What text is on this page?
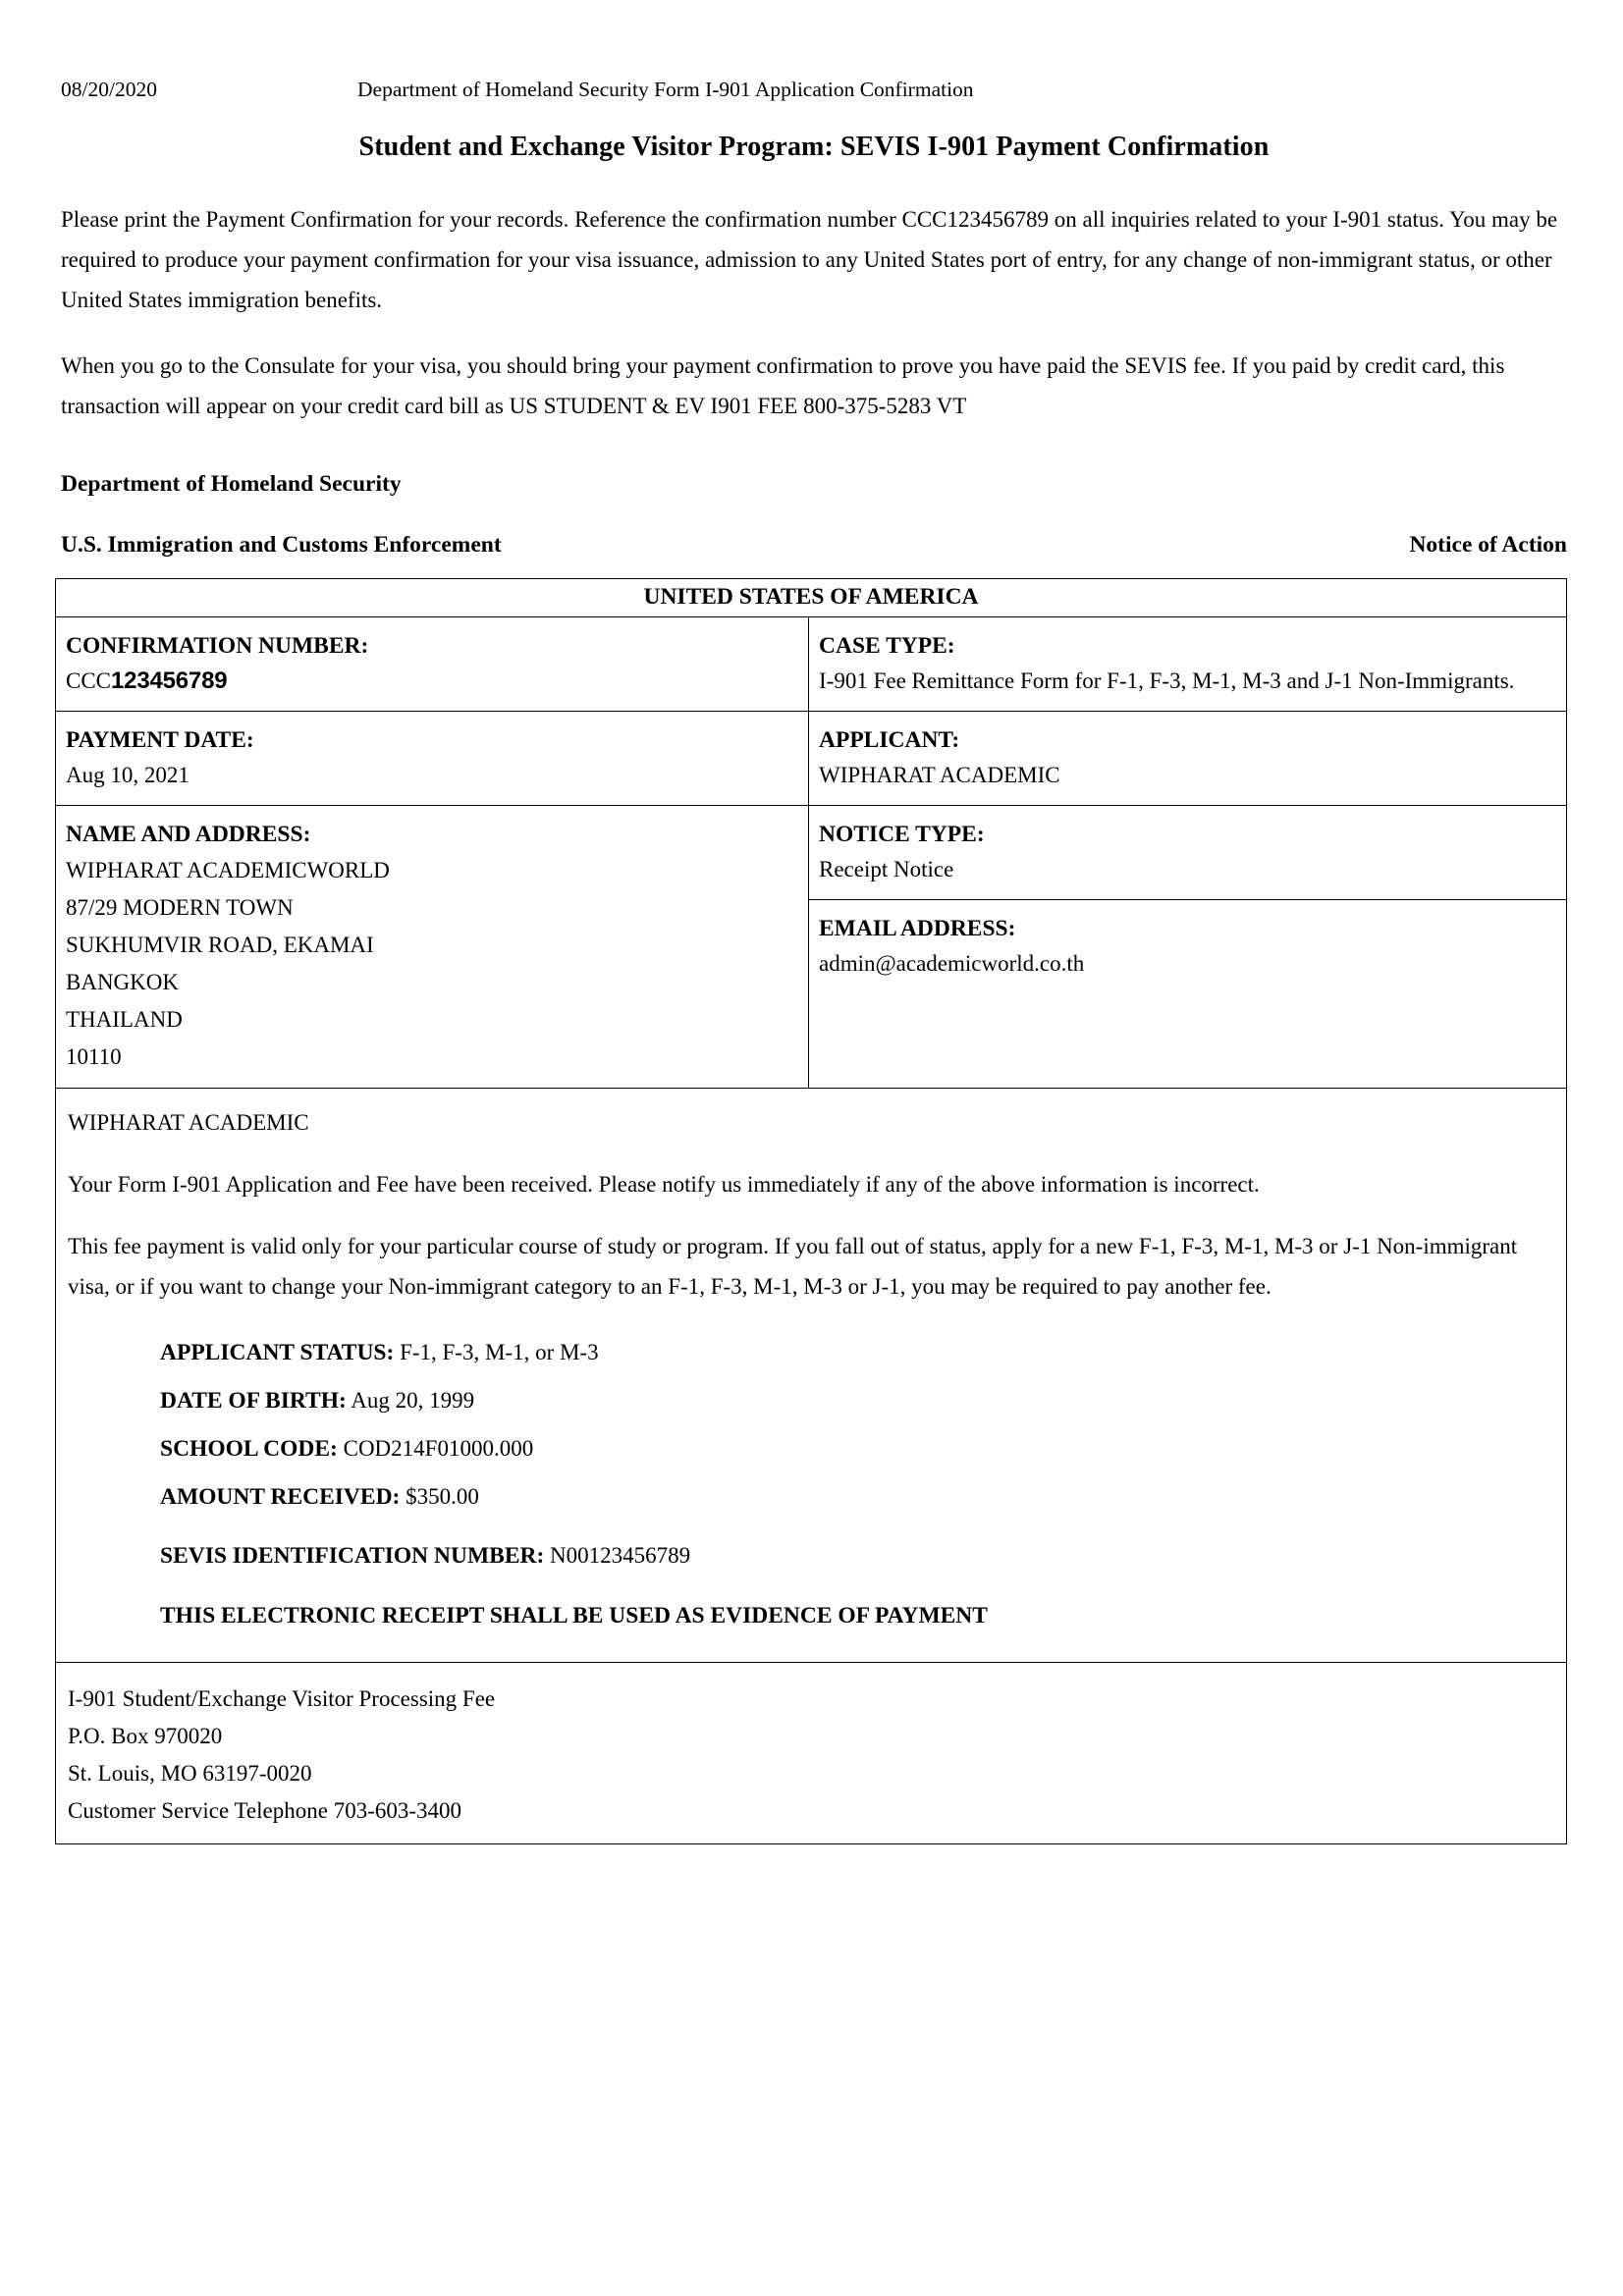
08/20/2020	Department of Homeland Security Form I-901 Application Confirmation
Student and Exchange Visitor Program: SEVIS I-901 Payment Confirmation
Please print the Payment Confirmation for your records. Reference the confirmation number CCC123456789 on all inquiries related to your I-901 status. You may be required to produce your payment confirmation for your visa issuance, admission to any United States port of entry, for any change of non-immigrant status, or other United States immigration benefits.
When you go to the Consulate for your visa, you should bring your payment confirmation to prove you have paid the SEVIS fee. If you paid by credit card, this transaction will appear on your credit card bill as US STUDENT & EV I901 FEE 800-375-5283 VT
Department of Homeland Security
U.S. Immigration and Customs Enforcement	Notice of Action
UNITED STATES OF AMERICA
CONFIRMATION NUMBER:
CCC123456789
CASE TYPE:
I-901 Fee Remittance Form for F-1, F-3, M-1, M-3 and J-1 Non-Immigrants.
PAYMENT DATE:
Aug 10, 2021
APPLICANT:
WIPHARAT ACADEMIC
NAME AND ADDRESS:
WIPHARAT ACADEMICWORLD
87/29 MODERN TOWN
SUKHUMVIR ROAD, EKAMAI
BANGKOK
THAILAND
10110
NOTICE TYPE:
Receipt Notice
EMAIL ADDRESS:
admin@academicworld.co.th

WIPHARAT ACADEMIC

Your Form I-901 Application and Fee have been received. Please notify us immediately if any of the above information is incorrect.

This fee payment is valid only for your particular course of study or program. If you fall out of status, apply for a new F-1, F-3, M-1, M-3 or J-1 Non-immigrant visa, or if you want to change your Non-immigrant category to an F-1, F-3, M-1, M-3 or J-1, you may be required to pay another fee.

APPLICANT STATUS: F-1, F-3, M-1, or M-3
DATE OF BIRTH: Aug 20, 1999
SCHOOL CODE: COD214F01000.000
AMOUNT RECEIVED: $350.00
SEVIS IDENTIFICATION NUMBER: N00123456789
THIS ELECTRONIC RECEIPT SHALL BE USED AS EVIDENCE OF PAYMENT
I-901 Student/Exchange Visitor Processing Fee
P.O. Box 970020
St. Louis, MO 63197-0020
Customer Service Telephone 703-603-3400
